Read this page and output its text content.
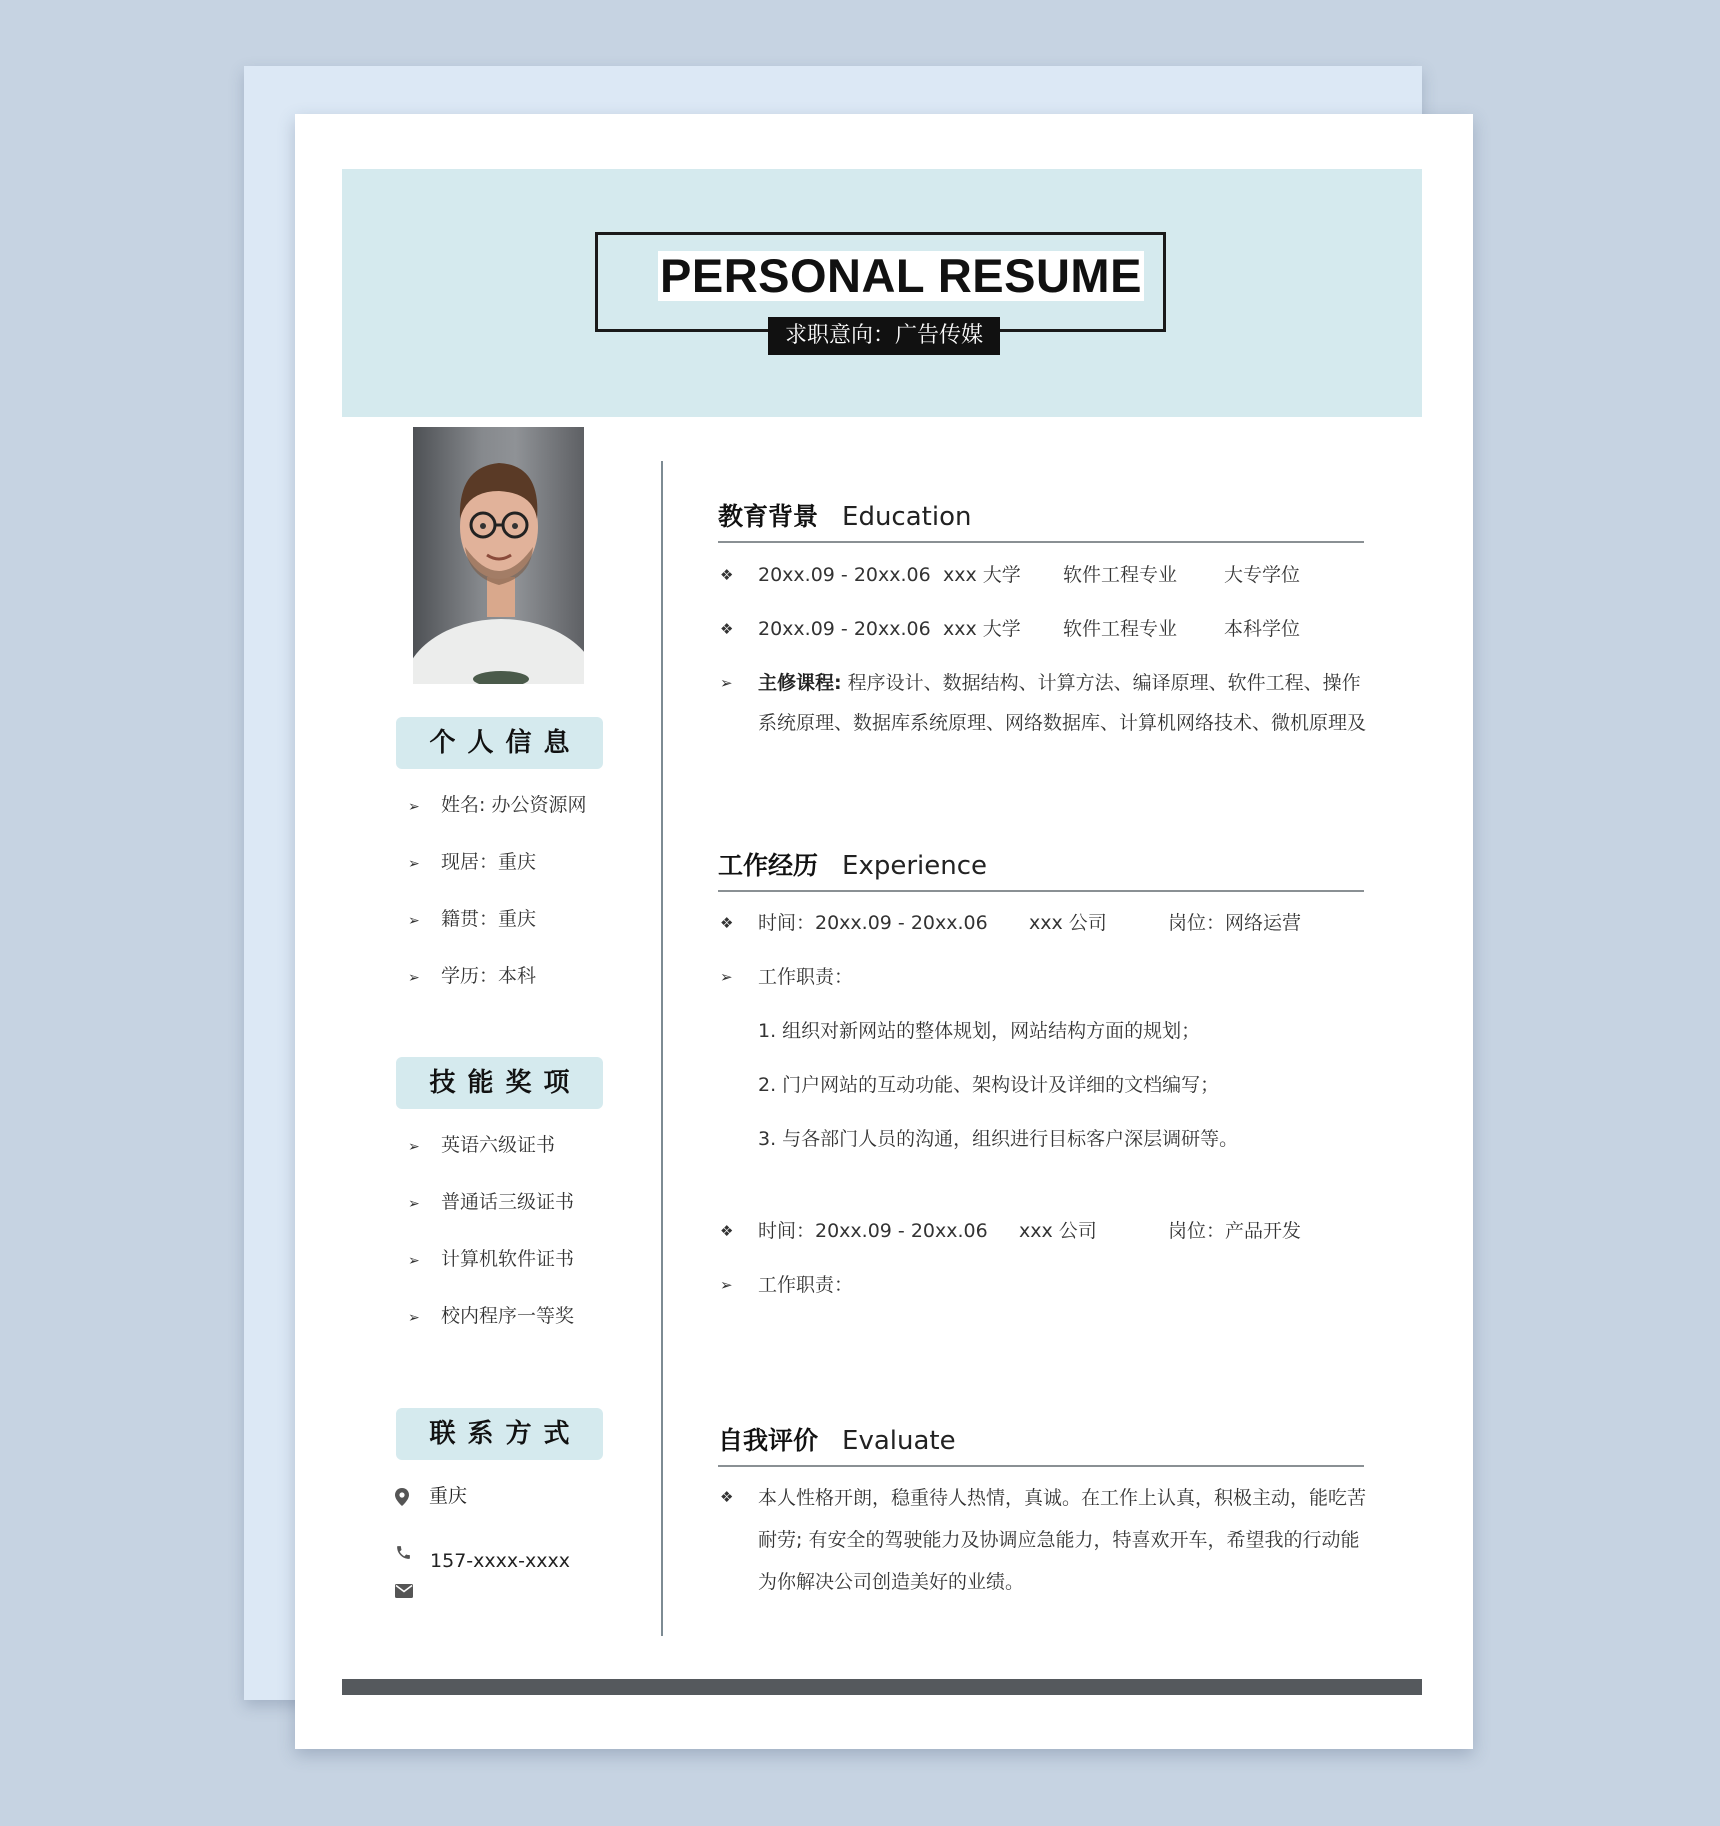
PERSONAL RESUME
求职意向：广告传媒
个人信息
➢ 姓名: 办公资源网
➢ 现居：重庆
➢ 籍贯：重庆
➢ 学历：本科
技能奖项
➢ 英语六级证书
➢ 普通话三级证书
➢ 计算机软件证书
➢ 校内程序一等奖
联系方式
重庆
157-xxxx-xxxx
教育背景 Education
❖ 20xx.09 - 20xx.06 xxx 大学 软件工程专业 大专学位
❖ 20xx.09 - 20xx.06 xxx 大学 软件工程专业 本科学位
➢ 主修课程: 程序设计、数据结构、计算方法、编译原理、软件工程、操作系统原理、数据库系统原理、网络数据库、计算机网络技术、微机原理及
工作经历 Experience
❖ 时间：20xx.09 - 20xx.06 xxx 公司	岗位：网络运营
➢ 工作职责：
1. 组织对新网站的整体规划，网站结构方面的规划；
2. 门户网站的互动功能、架构设计及详细的文档编写；
3. 与各部门人员的沟通，组织进行目标客户深层调研等。
❖ 时间：20xx.09 - 20xx.06 xxx 公司	岗位：产品开发
➢ 工作职责：
自我评价 Evaluate
❖ 本人性格开朗，稳重待人热情，真诚。在工作上认真，积极主动，能吃苦耐劳; 有安全的驾驶能力及协调应急能力，特喜欢开车，希望我的行动能为你解决公司创造美好的业绩。
